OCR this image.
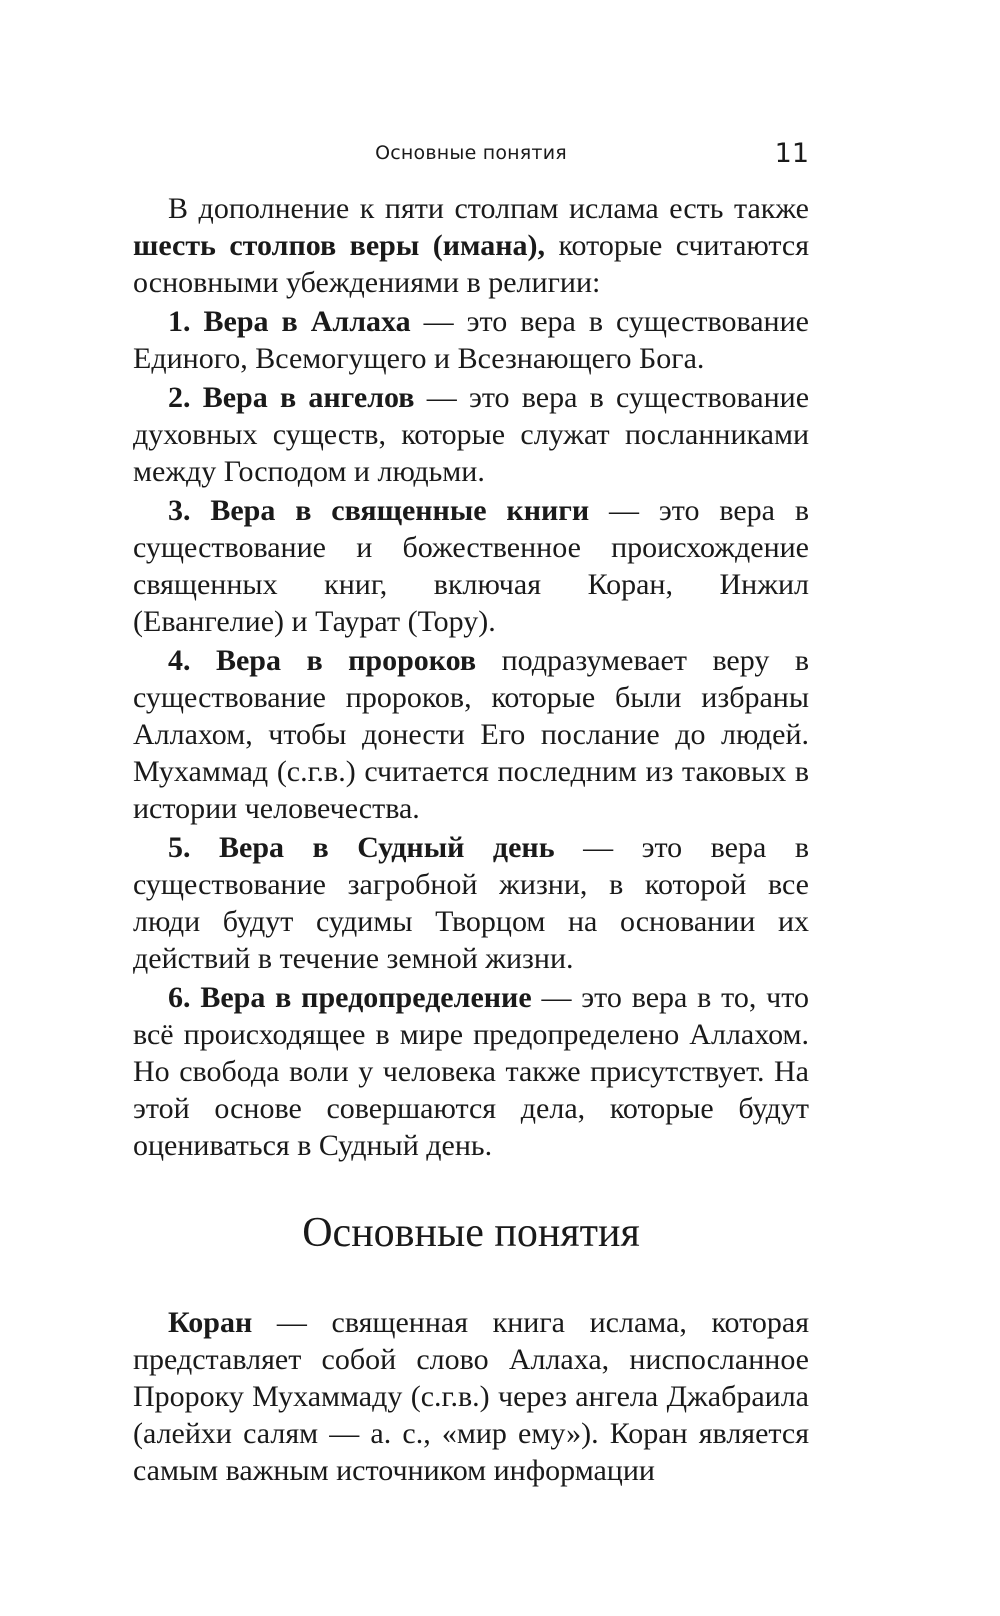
Основные понятия	11

В дополнение к пяти столпам ислама есть также шесть столпов веры (имана), которые считаются основными убеждениями в религии:

1. Вера в Аллаха — это вера в существование Единого, Всемогущего и Всезнающего Бога.

2. Вера в ангелов — это вера в существование духовных существ, которые служат посланниками между Господом и людьми.

3. Вера в священные книги — это вера в существование и божественное происхождение священных книг, включая Коран, Инжил (Евангелие) и Таурат (Тору).

4. Вера в пророков подразумевает веру в существование пророков, которые были избраны Аллахом, чтобы донести Его послание до людей. Мухаммад (с.г.в.) считается последним из таковых в истории человечества.

5. Вера в Судный день — это вера в существование загробной жизни, в которой все люди будут судимы Творцом на основании их действий в течение земной жизни.

6. Вера в предопределение — это вера в то, что всё происходящее в мире предопределено Аллахом. Но свобода воли у человека также присутствует. На этой основе совершаются дела, которые будут оцениваться в Судный день.

Основные понятия

Коран — священная книга ислама, которая представляет собой слово Аллаха, ниспосланное Пророку Мухаммаду (с.г.в.) через ангела Джабраила (алейхи салям — а. с., «мир ему»). Коран является самым важным источником информации
